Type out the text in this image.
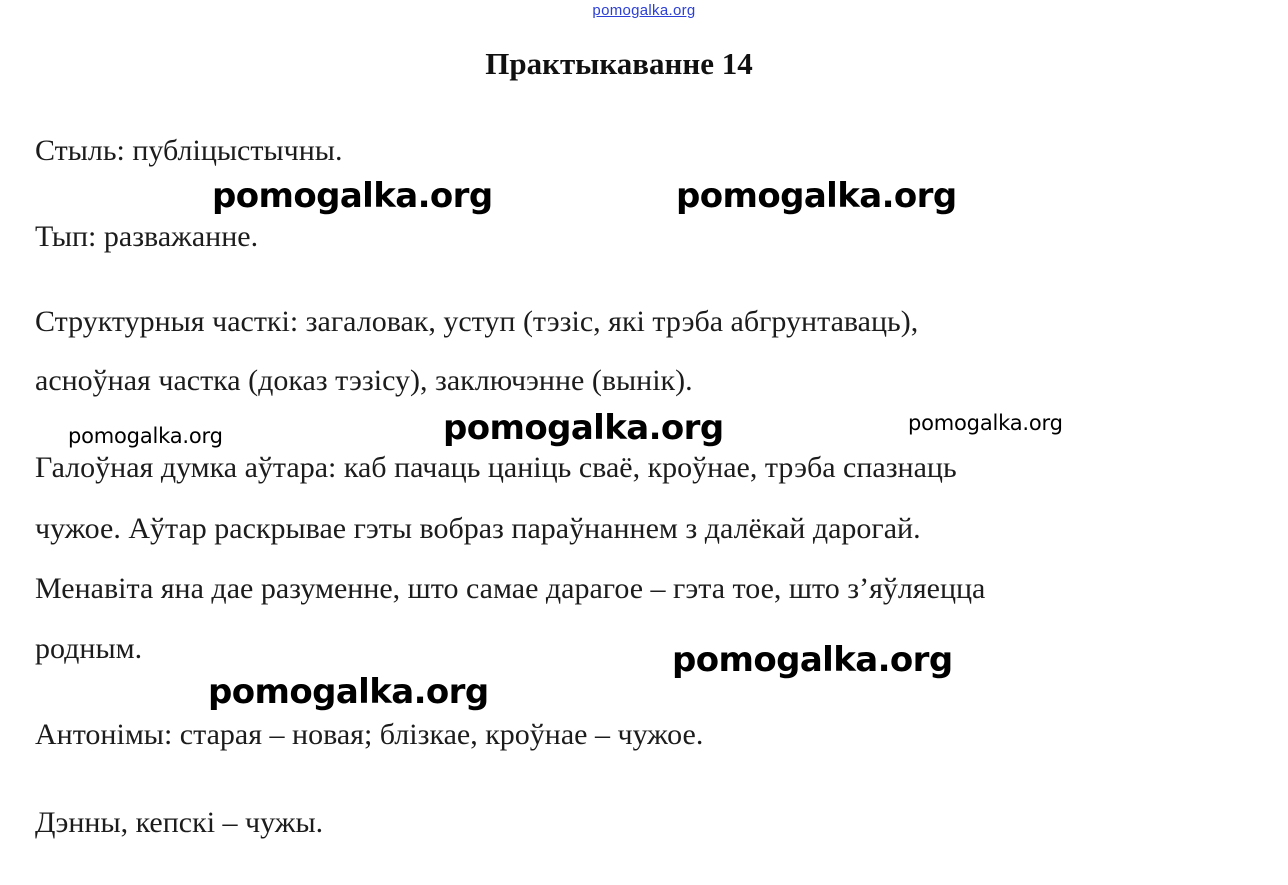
pomogalka.org
Практыкаванне 14
Стыль: публіцыстычны.
Тып: разважанне.
Структурныя часткі: загаловак, уступ (тэзіс, які трэба абгрунтаваць),
асноўная частка (доказ тэзісу), заключэнне (вынік).
Галоўная думка аўтара: каб пачаць цаніць сваё, кроўнае, трэба спазнаць
чужое. Аўтар раскрывае гэты вобраз параўнаннем з далёкай дарогай.
Менавіта яна дае разуменне, што самае дарагое – гэта тое, што з’яўляецца
родным.
Антонімы: старая – новая; блізкае, кроўнае – чужое.
Дэнны, кепскі – чужы.
pomogalka.org	pomogalka.org
pomogalka.org	pomogalka.org	pomogalka.org
pomogalka.org
pomogalka.org
